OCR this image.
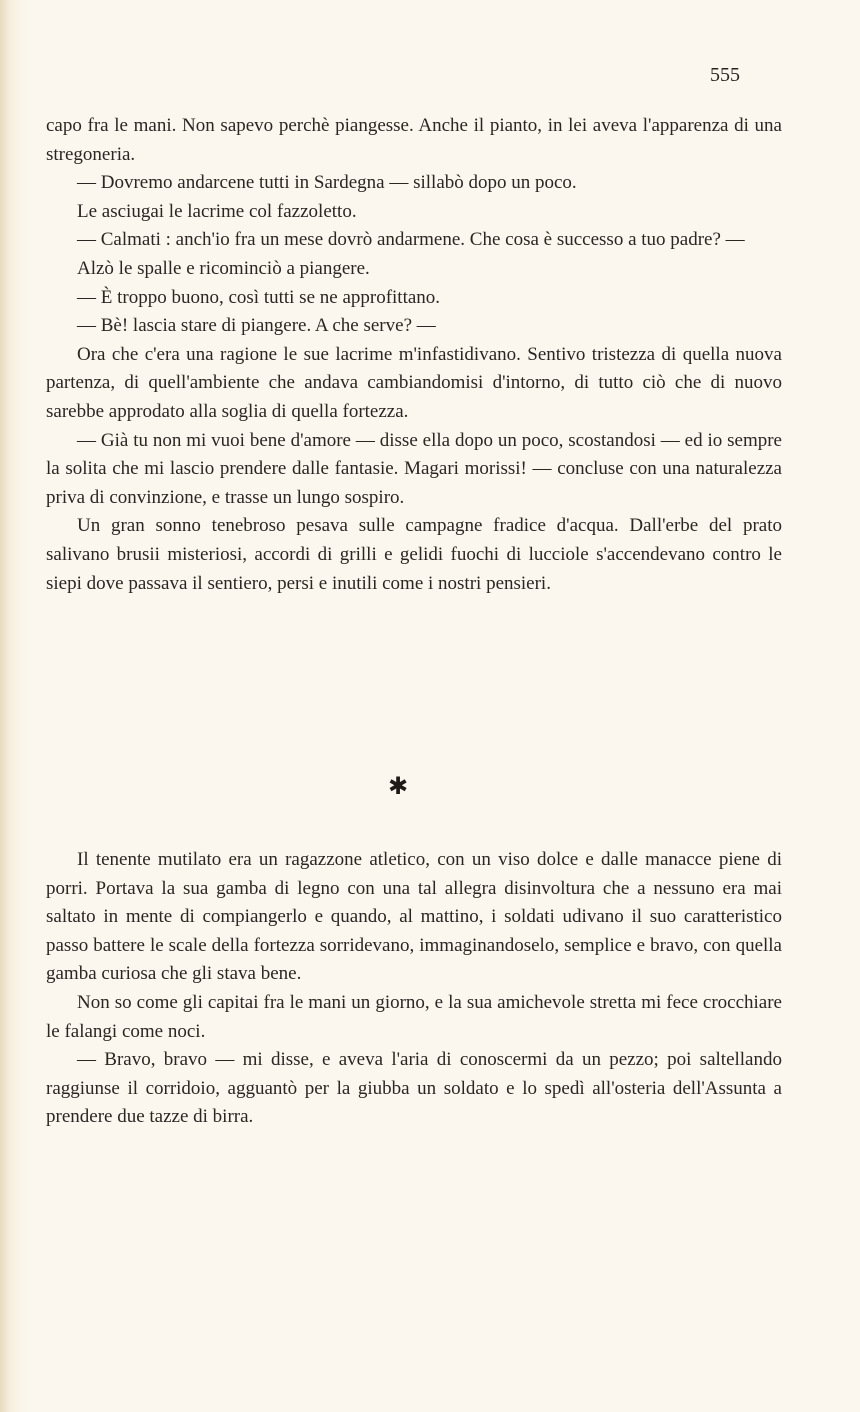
555

capo fra le mani. Non sapevo perchè piangesse. Anche il pianto, in lei aveva l'apparenza di una stregoneria.

— Dovremo andarcene tutti in Sardegna — sillabò dopo un poco.

Le asciugai le lacrime col fazzoletto.

— Calmati : anch'io fra un mese dovrò andarmene. Che cosa è successo a tuo padre? —

Alzò le spalle e ricominciò a piangere.

— È troppo buono, così tutti se ne approfittano.

— Bè! lascia stare di piangere. A che serve? —

Ora che c'era una ragione le sue lacrime m'infastidivano. Sentivo tristezza di quella nuova partenza, di quell'ambiente che andava cambiandomisi d'intorno, di tutto ciò che di nuovo sarebbe approdato alla soglia di quella fortezza.

— Già tu non mi vuoi bene d'amore — disse ella dopo un poco, scostandosi — ed io sempre la solita che mi lascio prendere dalle fantasie. Magari morissi! — concluse con una naturalezza priva di convinzione, e trasse un lungo sospiro.

Un gran sonno tenebroso pesava sulle campagne fradice d'acqua. Dall'erbe del prato salivano brusii misteriosi, accordi di grilli e gelidi fuochi di lucciole s'accendevano contro le siepi dove passava il sentiero, persi e inutili come i nostri pensieri.

✱

Il tenente mutilato era un ragazzone atletico, con un viso dolce e dalle manacce piene di porri. Portava la sua gamba di legno con una tal allegra disinvoltura che a nessuno era mai saltato in mente di compiangerlo e quando, al mattino, i soldati udivano il suo caratteristico passo battere le scale della fortezza sorridevano, immaginandoselo, semplice e bravo, con quella gamba curiosa che gli stava bene.

Non so come gli capitai fra le mani un giorno, e la sua amichevole stretta mi fece crocchiare le falangi come noci.

— Bravo, bravo — mi disse, e aveva l'aria di conoscermi da un pezzo; poi saltellando raggiunse il corridoio, agguantò per la giubba un soldato e lo spedì all'osteria dell'Assunta a prendere due tazze di birra.
